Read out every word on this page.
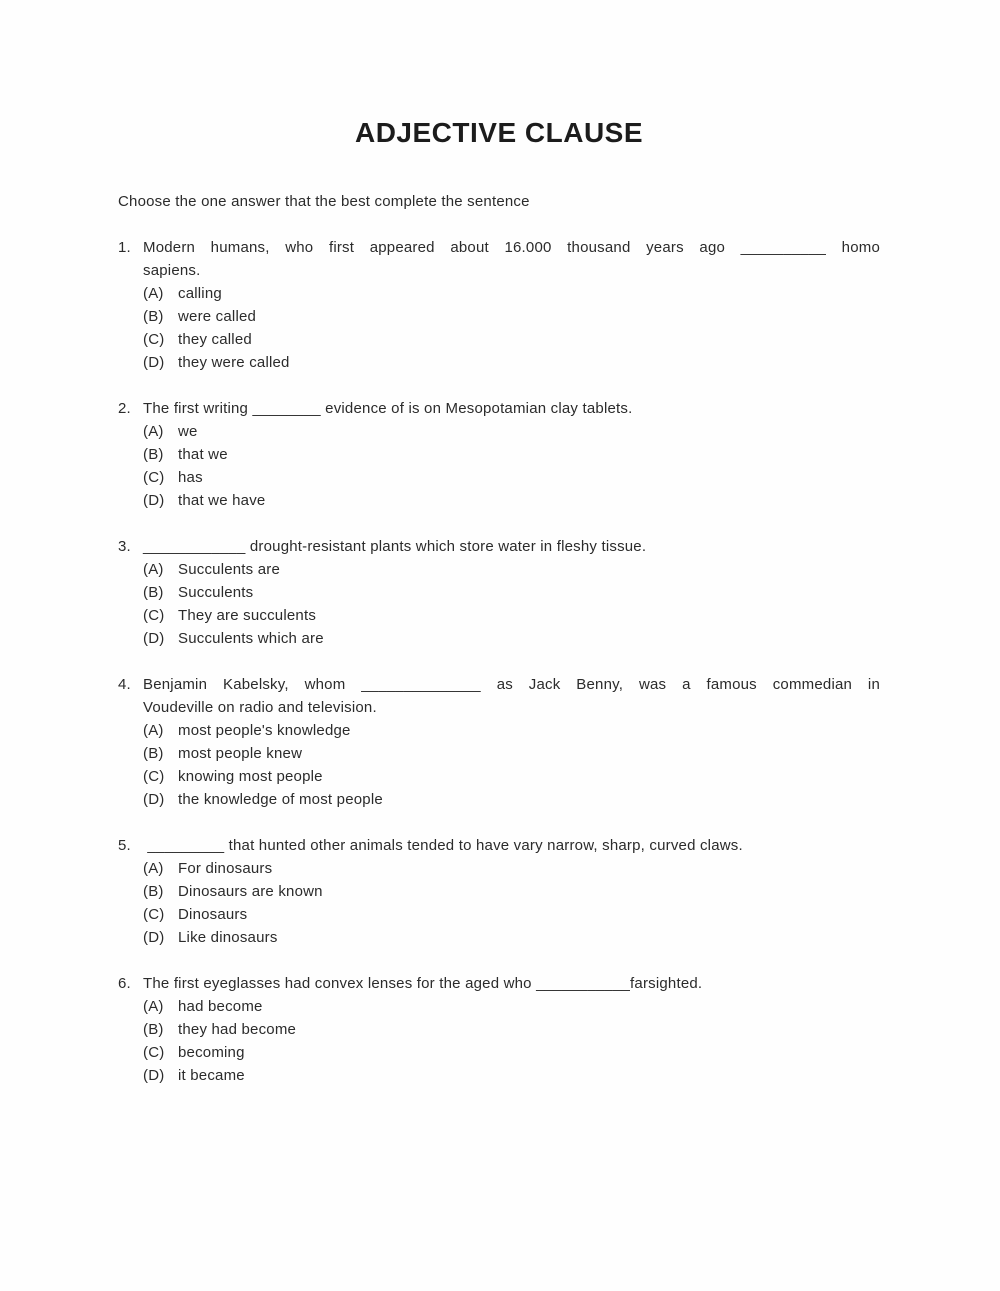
ADJECTIVE CLAUSE

Choose the one answer that the best complete the sentence

1. Modern humans, who first appeared about 16.000 thousand years ago __________ homo
sapiens.
(A) calling
(B) were called
(C) they called
(D) they were called
2. The first writing ________ evidence of is on Mesopotamian clay tablets.
(A) we
(B) that we
(C) has
(D) that we have
3. ____________ drought-resistant plants which store water in fleshy tissue.
(A) Succulents are
(B) Succulents
(C) They are succulents
(D) Succulents which are
4. Benjamin Kabelsky, whom ______________ as Jack Benny, was a famous commedian in
Voudeville on radio and television.
(A) most people's knowledge
(B) most people knew
(C) knowing most people
(D) the knowledge of most people
5. _________ that hunted other animals tended to have vary narrow, sharp, curved claws.
(A) For dinosaurs
(B) Dinosaurs are known
(C) Dinosaurs
(D) Like dinosaurs
6. The first eyeglasses had convex lenses for the aged who ___________farsighted.
(A) had become
(B) they had become
(C) becoming
(D) it became
